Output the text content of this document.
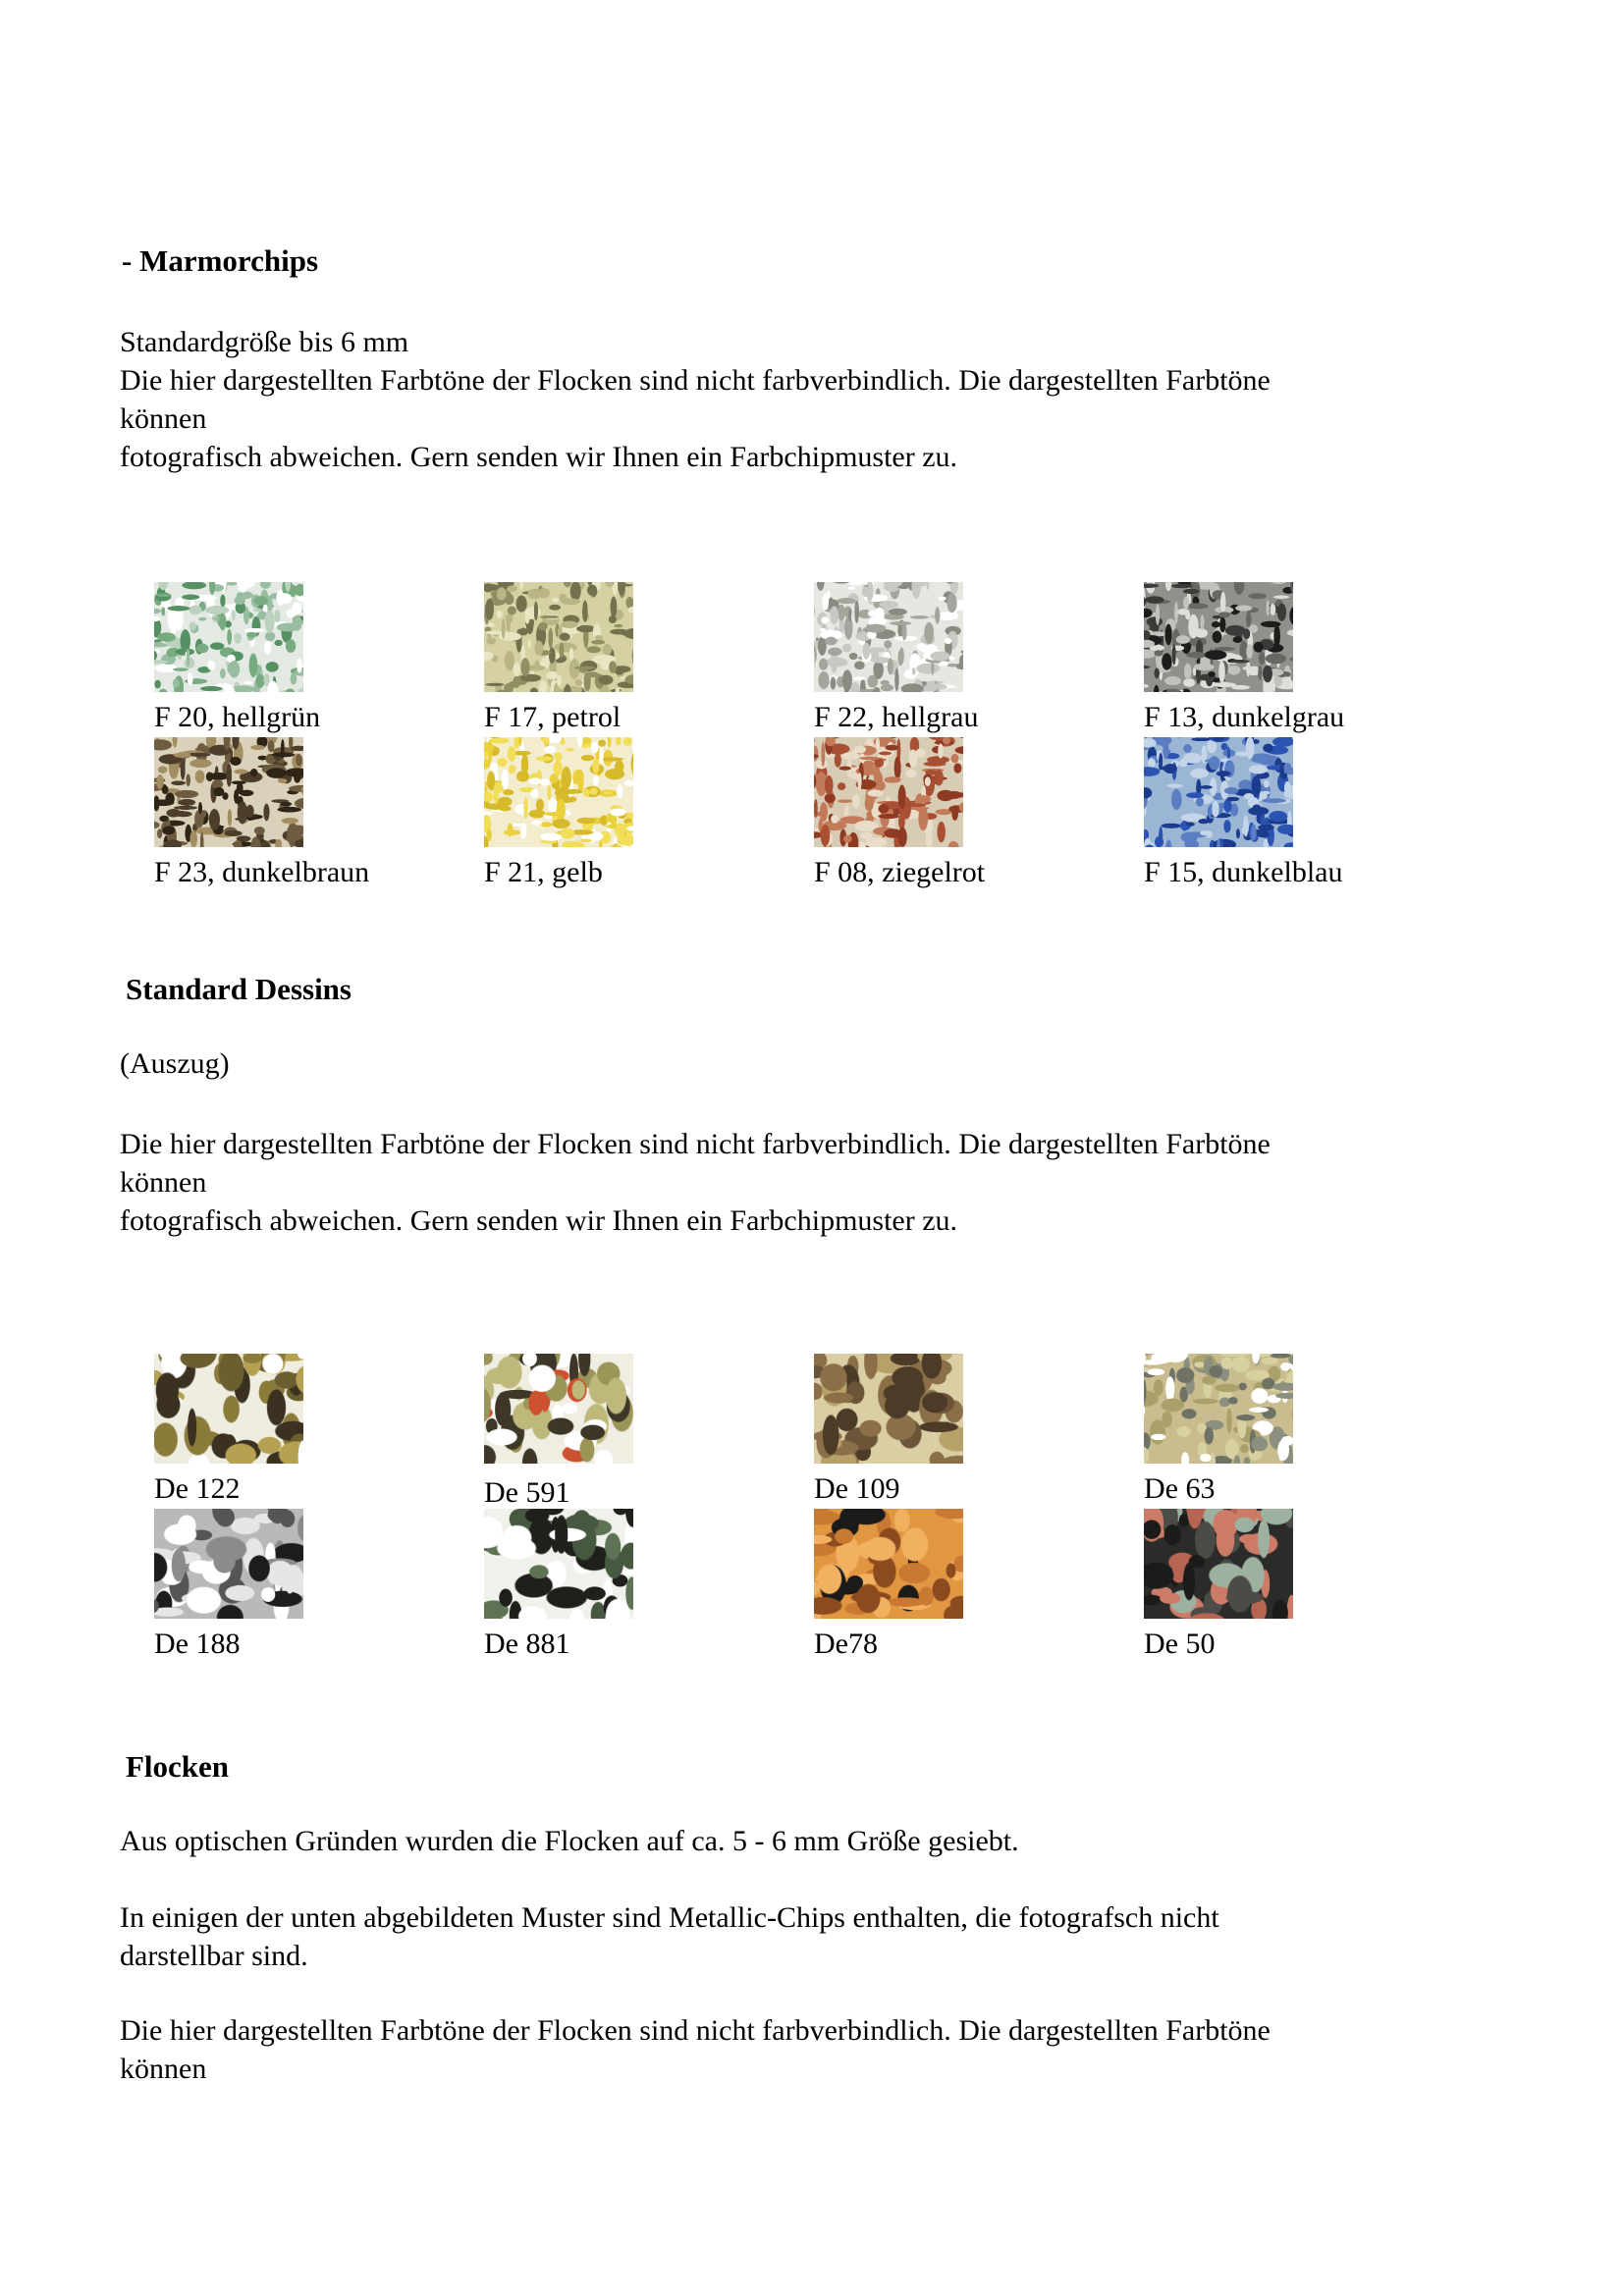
- Marmorchips
Standardgröße bis 6 mm
Die hier dargestellten Farbtöne der Flocken sind nicht farbverbindlich. Die dargestellten Farbtöne
können
fotografisch abweichen. Gern senden wir Ihnen ein Farbchipmuster zu.
F 20, hellgrün	F 17, petrol	F 22, hellgrau	F 13, dunkelgrau
F 23, dunkelbraun	F 21, gelb	F 08, ziegelrot	F 15, dunkelblau
Standard Dessins
(Auszug)
Die hier dargestellten Farbtöne der Flocken sind nicht farbverbindlich. Die dargestellten Farbtöne
können
fotografisch abweichen. Gern senden wir Ihnen ein Farbchipmuster zu.
De 122	De 591	De 109	De 63
De 188	De 881	De78	De 50
Flocken
Aus optischen Gründen wurden die Flocken auf ca. 5 - 6 mm Größe gesiebt.
In einigen der unten abgebildeten Muster sind Metallic-Chips enthalten, die fotografsch nicht
darstellbar sind.
Die hier dargestellten Farbtöne der Flocken sind nicht farbverbindlich. Die dargestellten Farbtöne
können
